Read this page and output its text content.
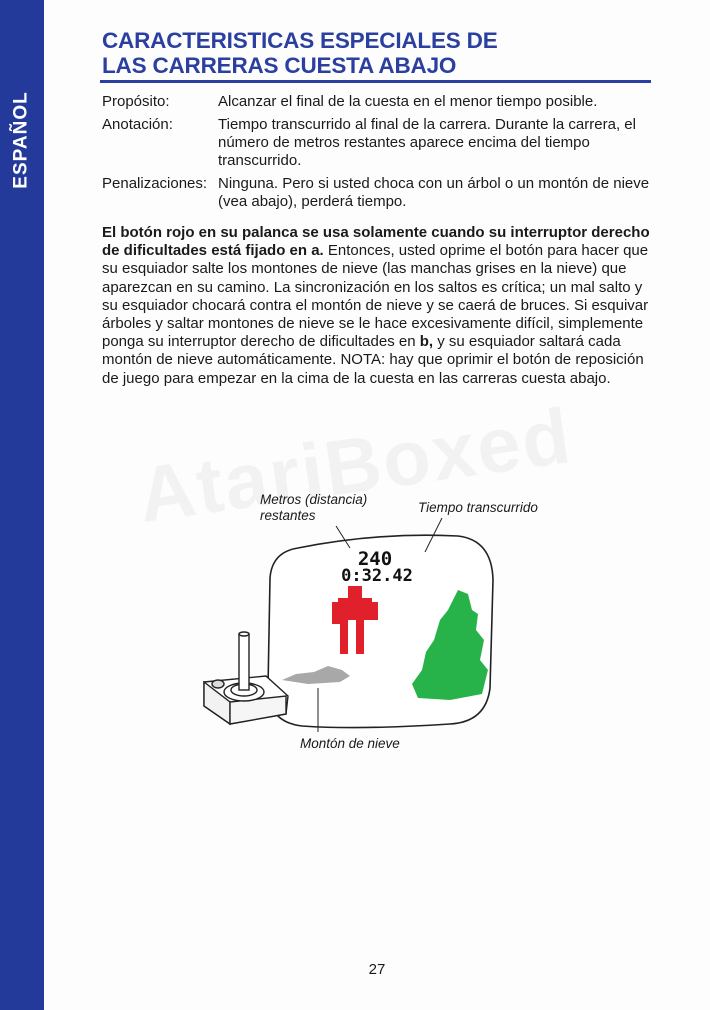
ESPAÑOL
CARACTERISTICAS ESPECIALES DE
LAS CARRERAS CUESTA ABAJO
Propósito:	Alcanzar el final de la cuesta en el menor tiempo posible.
Anotación:	Tiempo transcurrido al final de la carrera. Durante la carrera, el número de metros restantes aparece encima del tiempo transcurrido.
Penalizaciones: Ninguna. Pero si usted choca con un árbol o un montón de nieve (vea abajo), perderá tiempo.
El botón rojo en su palanca se usa solamente cuando su interruptor derecho de dificultades está fijado en a. Entonces, usted oprime el botón para hacer que su esquiador salte los montones de nieve (las manchas grises en la nieve) que aparezcan en su camino. La sincronización en los saltos es crítica; un mal salto y su esquiador chocará contra el montón de nieve y se caerá de bruces. Si esquivar árboles y saltar montones de nieve se le hace excesivamente difícil, simplemente ponga su interruptor derecho de dificultades en b, y su esquiador saltará cada montón de nieve automáticamente. NOTA: hay que oprimir el botón de reposición de juego para empezar en la cima de la cuesta en las carreras cuesta abajo.
240
0:32.42
Metros (distancia)
restantes
Tiempo transcurrido
Montón de nieve
27
